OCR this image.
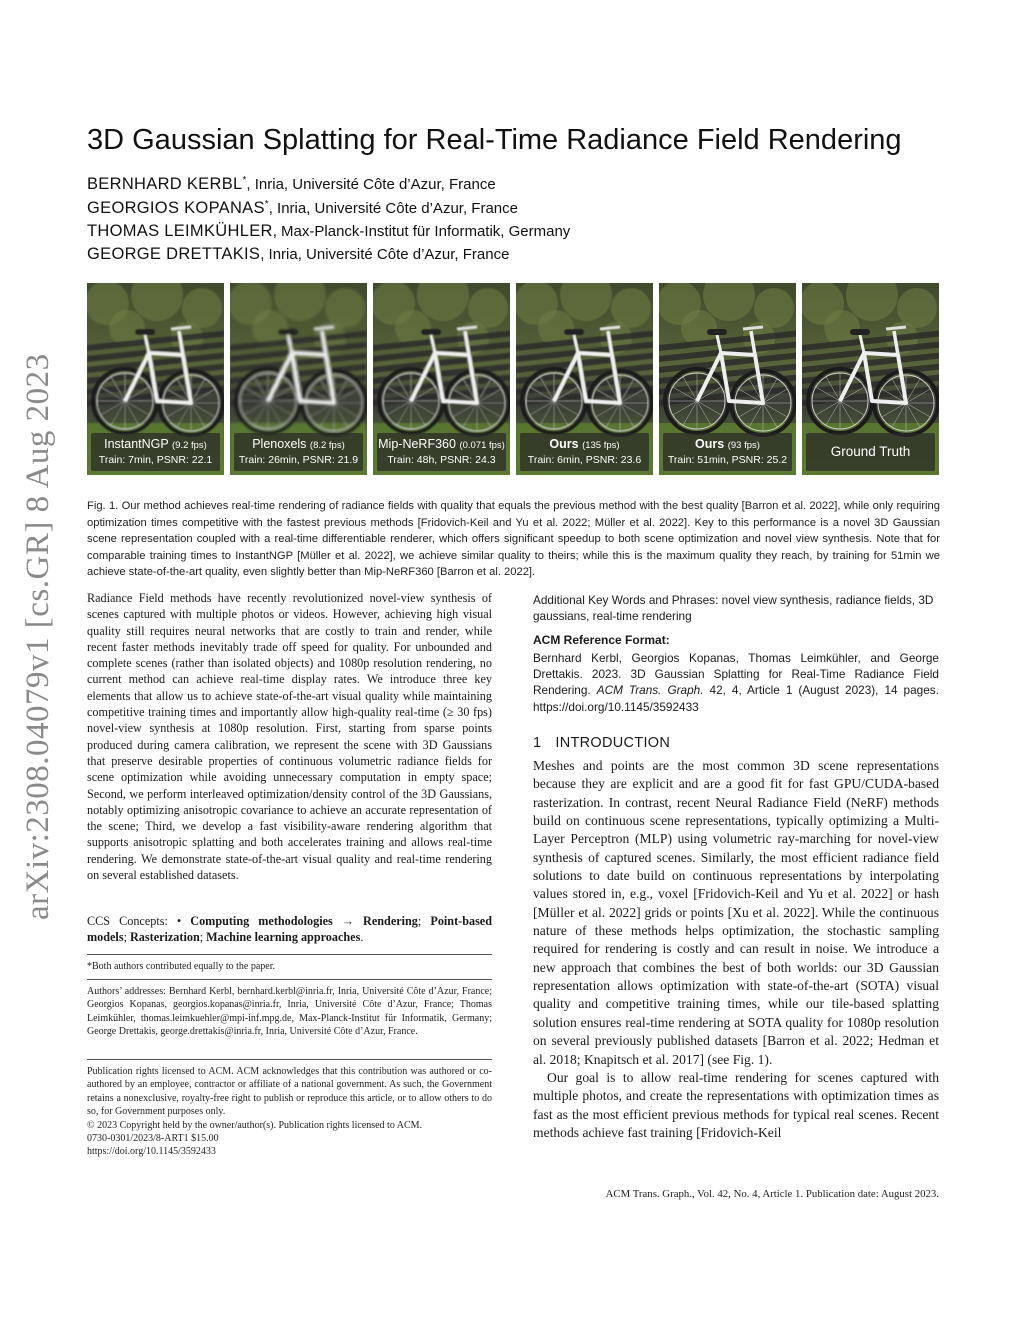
arXiv:2308.04079v1 [cs.GR] 8 Aug 2023
3D Gaussian Splatting for Real-Time Radiance Field Rendering
BERNHARD KERBL*, Inria, Université Côte d’Azur, France
GEORGIOS KOPANAS*, Inria, Université Côte d’Azur, France
THOMAS LEIMKÜHLER, Max-Planck-Institut für Informatik, Germany
GEORGE DRETTAKIS, Inria, Université Côte d’Azur, France
InstantNGP (9.2 fps)
Train: 7min, PSNR: 22.1
Plenoxels (8.2 fps)
Train: 26min, PSNR: 21.9
Mip-NeRF360 (0.071 fps)
Train: 48h, PSNR: 24.3
Ours (135 fps)
Train: 6min, PSNR: 23.6
Ours (93 fps)
Train: 51min, PSNR: 25.2
Ground Truth
Fig. 1. Our method achieves real-time rendering of radiance fields with quality that equals the previous method with the best quality [Barron et al. 2022], while only requiring optimization times competitive with the fastest previous methods [Fridovich-Keil and Yu et al. 2022; Müller et al. 2022]. Key to this performance is a novel 3D Gaussian scene representation coupled with a real-time differentiable renderer, which offers significant speedup to both scene optimization and novel view synthesis. Note that for comparable training times to InstantNGP [Müller et al. 2022], we achieve similar quality to theirs; while this is the maximum quality they reach, by training for 51min we achieve state-of-the-art quality, even slightly better than Mip-NeRF360 [Barron et al. 2022].
Radiance Field methods have recently revolutionized novel-view synthesis of scenes captured with multiple photos or videos. However, achieving high visual quality still requires neural networks that are costly to train and render, while recent faster methods inevitably trade off speed for quality. For unbounded and complete scenes (rather than isolated objects) and 1080p resolution rendering, no current method can achieve real-time display rates. We introduce three key elements that allow us to achieve state-of-the-art visual quality while maintaining competitive training times and importantly allow high-quality real-time (≥ 30 fps) novel-view synthesis at 1080p resolution. First, starting from sparse points produced during camera calibration, we represent the scene with 3D Gaussians that preserve desirable properties of continuous volumetric radiance fields for scene optimization while avoiding unnecessary computation in empty space; Second, we perform interleaved optimization/density control of the 3D Gaussians, notably optimizing anisotropic covariance to achieve an accurate representation of the scene; Third, we develop a fast visibility-aware rendering algorithm that supports anisotropic splatting and both accelerates training and allows real-time rendering. We demonstrate state-of-the-art visual quality and real-time rendering on several established datasets.
CCS Concepts: • Computing methodologies → Rendering; Point-based models; Rasterization; Machine learning approaches.
*Both authors contributed equally to the paper.
Authors’ addresses: Bernhard Kerbl, bernhard.kerbl@inria.fr, Inria, Université Côte d’Azur, France; Georgios Kopanas, georgios.kopanas@inria.fr, Inria, Université Côte d’Azur, France; Thomas Leimkühler, thomas.leimkuehler@mpi-inf.mpg.de, Max-Planck-Institut für Informatik, Germany; George Drettakis, george.drettakis@inria.fr, Inria, Université Côte d’Azur, France.
Publication rights licensed to ACM. ACM acknowledges that this contribution was authored or co-authored by an employee, contractor or affiliate of a national government. As such, the Government retains a nonexclusive, royalty-free right to publish or reproduce this article, or to allow others to do so, for Government purposes only.
© 2023 Copyright held by the owner/author(s). Publication rights licensed to ACM.
0730-0301/2023/8-ART1 $15.00
https://doi.org/10.1145/3592433
Additional Key Words and Phrases: novel view synthesis, radiance fields, 3D gaussians, real-time rendering
ACM Reference Format:
Bernhard Kerbl, Georgios Kopanas, Thomas Leimkühler, and George Drettakis. 2023. 3D Gaussian Splatting for Real-Time Radiance Field Rendering. ACM Trans. Graph. 42, 4, Article 1 (August 2023), 14 pages. https://doi.org/10.1145/3592433
1 INTRODUCTION

Meshes and points are the most common 3D scene representations because they are explicit and are a good fit for fast GPU/CUDA-based rasterization. In contrast, recent Neural Radiance Field (NeRF) methods build on continuous scene representations, typically optimizing a Multi-Layer Perceptron (MLP) using volumetric ray-marching for novel-view synthesis of captured scenes. Similarly, the most efficient radiance field solutions to date build on continuous representations by interpolating values stored in, e.g., voxel [Fridovich-Keil and Yu et al. 2022] or hash [Müller et al. 2022] grids or points [Xu et al. 2022]. While the continuous nature of these methods helps optimization, the stochastic sampling required for rendering is costly and can result in noise. We introduce a new approach that combines the best of both worlds: our 3D Gaussian representation allows optimization with state-of-the-art (SOTA) visual quality and competitive training times, while our tile-based splatting solution ensures real-time rendering at SOTA quality for 1080p resolution on several previously published datasets [Barron et al. 2022; Hedman et al. 2018; Knapitsch et al. 2017] (see Fig. 1).

Our goal is to allow real-time rendering for scenes captured with multiple photos, and create the representations with optimization times as fast as the most efficient previous methods for typical real scenes. Recent methods achieve fast training [Fridovich-Keil

ACM Trans. Graph., Vol. 42, No. 4, Article 1. Publication date: August 2023.
